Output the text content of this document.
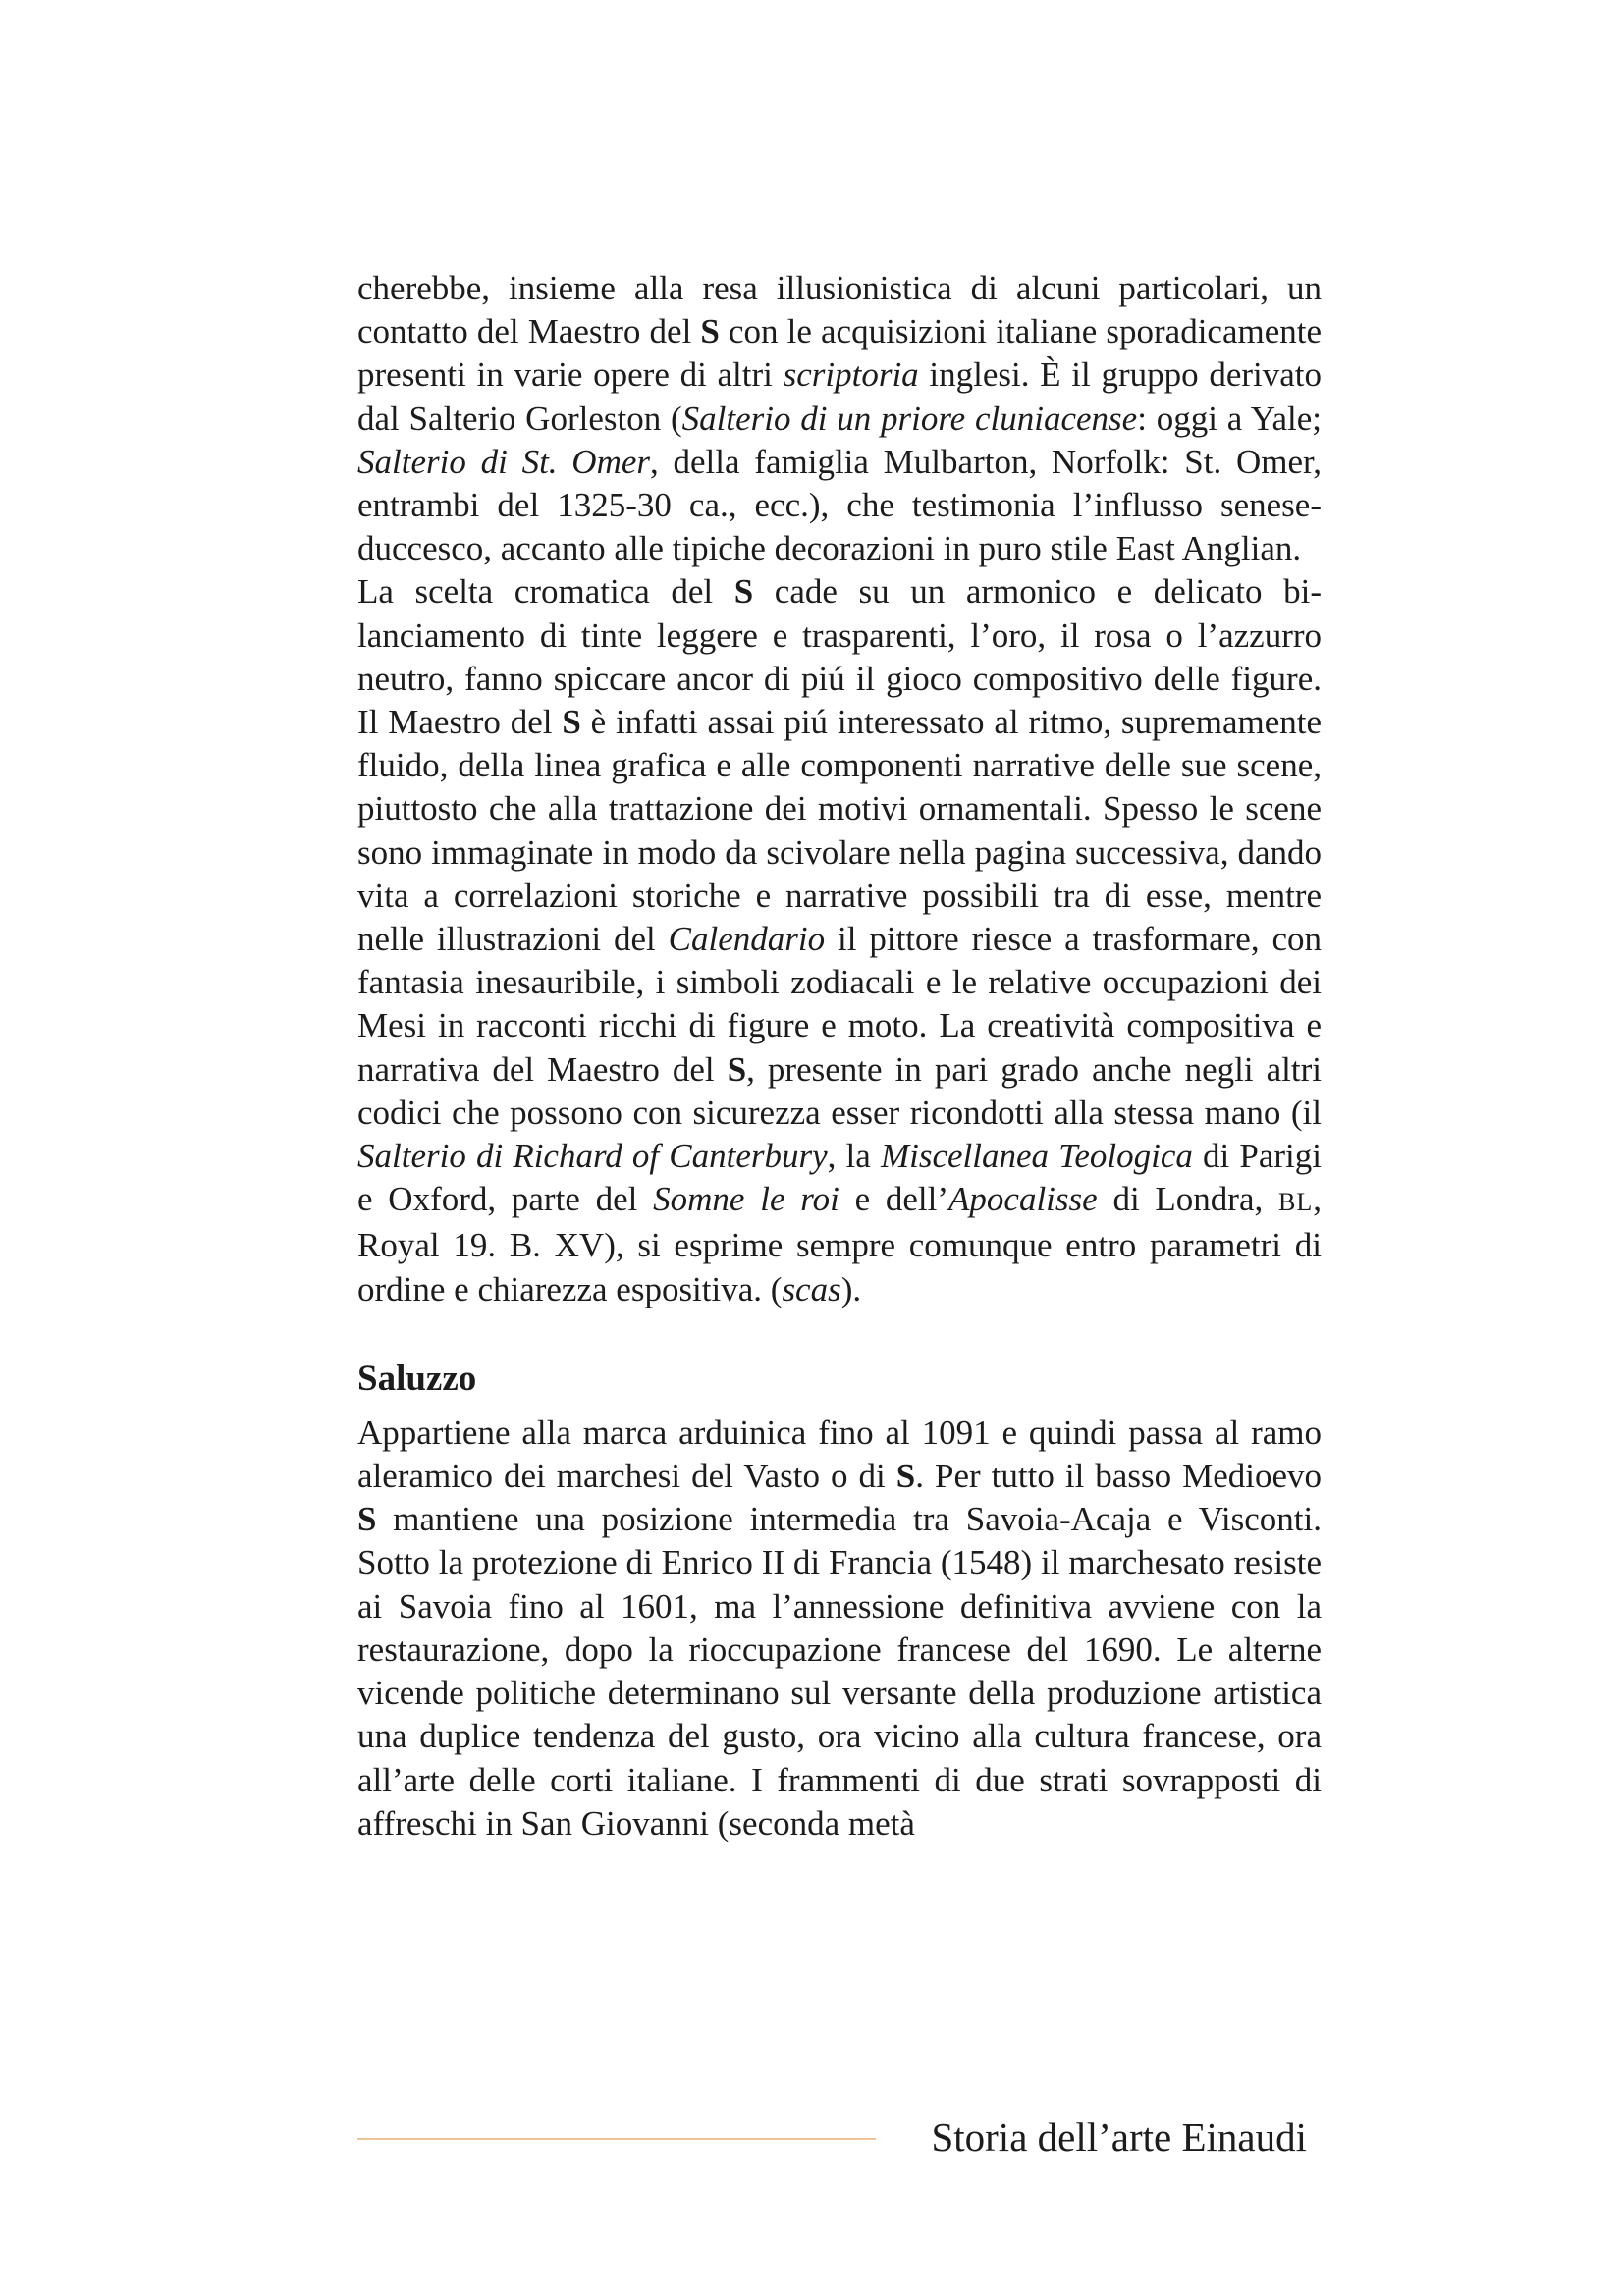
cherebbe, insieme alla resa illusionistica di alcuni particolari, un contatto del Maestro del S con le acquisizioni italiane sporadicamente presenti in varie opere di altri scriptoria inglesi. È il gruppo derivato dal Salterio Gorleston (Salterio di un priore cluniacense: oggi a Yale; Salterio di St. Omer, della famiglia Mulbarton, Norfolk: St. Omer, entrambi del 1325-30 ca., ecc.), che testimonia l’influsso senese-duccesco, accanto alle tipiche decorazioni in puro stile East Anglian.

La scelta cromatica del S cade su un armonico e delicato bilanciamento di tinte leggere e trasparenti, l’oro, il rosa o l’azzurro neutro, fanno spiccare ancor di piú il gioco compositivo delle figure. Il Maestro del S è infatti assai piú interessato al ritmo, supremamente fluido, della linea grafica e alle componenti narrative delle sue scene, piuttosto che alla trattazione dei motivi ornamentali. Spesso le scene sono immaginate in modo da scivolare nella pagina successiva, dando vita a correlazioni storiche e narrative possibili tra di esse, mentre nelle illustrazioni del Calendario il pittore riesce a trasformare, con fantasia inesauribile, i simboli zodiacali e le relative occupazioni dei Mesi in racconti ricchi di figure e moto. La creatività compositiva e narrativa del Maestro del S, presente in pari grado anche negli altri codici che possono con sicurezza esser ricondotti alla stessa mano (il Salterio di Richard of Canterbury, la Miscellanea Teologica di Parigi e Oxford, parte del Somne le roi e dell’Apocalisse di Londra, BL, Royal 19. B. XV), si esprime sempre comunque entro parametri di ordine e chiarezza espositiva. (scas).

Saluzzo

Appartiene alla marca arduinica fino al 1091 e quindi passa al ramo aleramico dei marchesi del Vasto o di S. Per tutto il basso Medioevo S mantiene una posizione intermedia tra Savoia-Acaja e Visconti. Sotto la protezione di Enrico II di Francia (1548) il marchesato resiste ai Savoia fino al 1601, ma l’annessione definitiva avviene con la restaurazione, dopo la rioccupazione francese del 1690. Le alterne vicende politiche determinano sul versante della produzione artistica una duplice tendenza del gusto, ora vicino alla cultura francese, ora all’arte delle corti italiane. I frammenti di due strati sovrapposti di affreschi in San Giovanni (seconda metà

Storia dell’arte Einaudi
